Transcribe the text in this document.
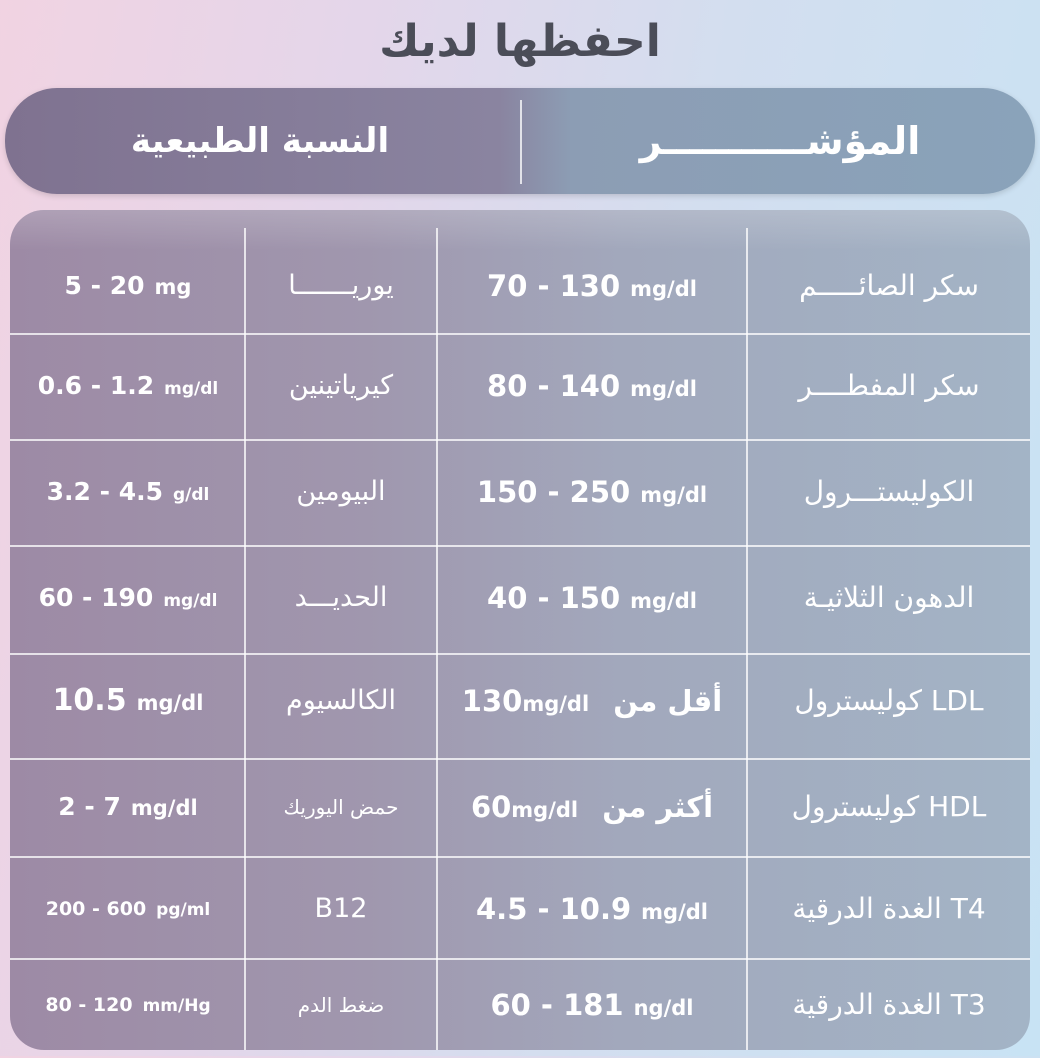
احفظها لديك
المؤشـــــــــــر
النسبة الطبيعية
سكر الصائـــــم
70 - 130 mg/dl
يوريـــــــا
5 - 20 mg
سكر المفطــــر
80 - 140 mg/dl
كيرياتينين
0.6 - 1.2 mg/dl
الكوليستـــرول
150 - 250 mg/dl
البيومين
3.2 - 4.5 g/dl
الدهون الثلاثيـة
40 - 150 mg/dl
الحديـــد
60 - 190 mg/dl
كوليسترول LDL
أقل من 130mg/dl
الكالسيوم
10.5 mg/dl
كوليسترول HDL
أكثر من 60mg/dl
حمض اليوريك
2 - 7 mg/dl
الغدة الدرقية T4
4.5 - 10.9 mg/dl
B12
200 - 600 pg/ml
الغدة الدرقية T3
60 - 181 ng/dl
ضغط الدم
80 - 120 mm/Hg
